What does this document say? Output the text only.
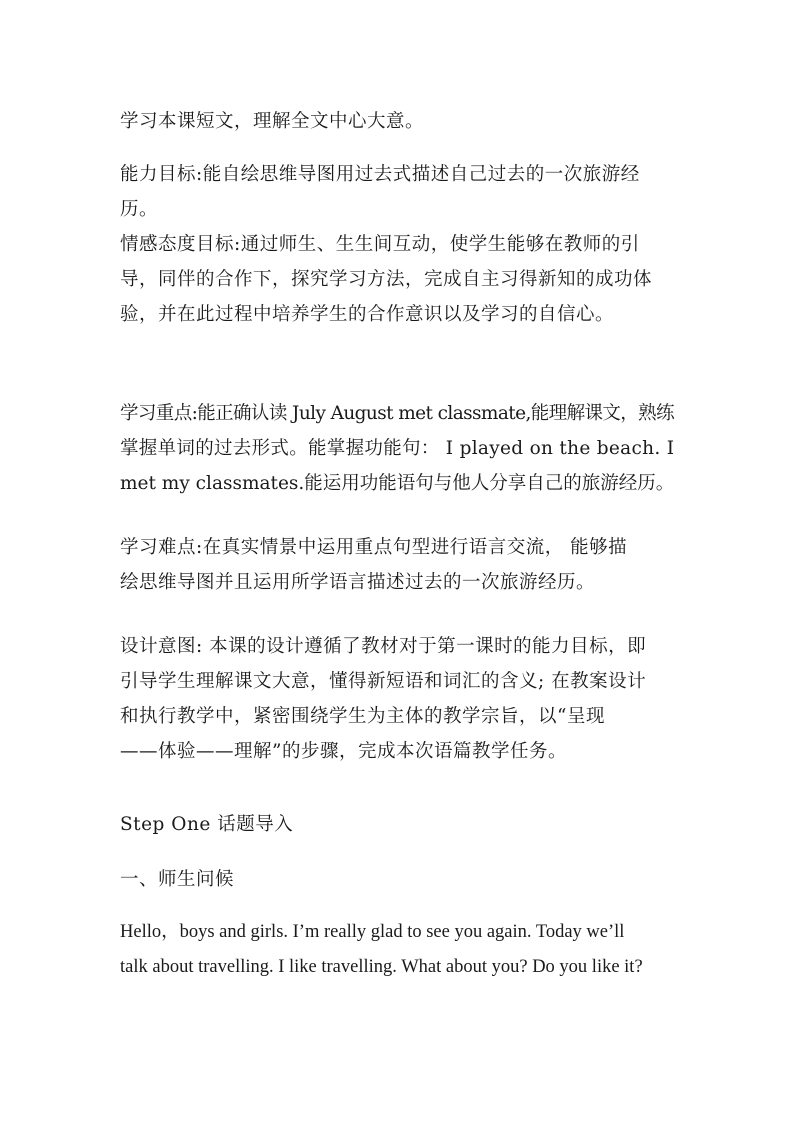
学习本课短文，理解全文中心大意。

能力目标:能自绘思维导图用过去式描述自己过去的一次旅游经
历。

情感态度目标:通过师生、生生间互动，使学生能够在教师的引
导，同伴的合作下，探究学习方法，完成自主习得新知的成功体
验，并在此过程中培养学生的合作意识以及学习的自信心。

学习重点:能正确认读 July August met classmate,能理解课文，熟练
掌握单词的过去形式。能掌握功能句： I played on the beach. I
met my classmates.能运用功能语句与他人分享自己的旅游经历。

学习难点:在真实情景中运用重点句型进行语言交流， 能够描
绘思维导图并且运用所学语言描述过去的一次旅游经历。

设计意图: 本课的设计遵循了教材对于第一课时的能力目标，即
引导学生理解课文大意，懂得新短语和词汇的含义; 在教案设计
和执行教学中，紧密围绕学生为主体的教学宗旨，以“呈现
——体验——理解”的步骤，完成本次语篇教学任务。

Step One 话题导入

一、师生问候

Hello，boys and girls. I’m really glad to see you again. Today we’ll
talk about travelling. I like travelling. What about you? Do you like it?
